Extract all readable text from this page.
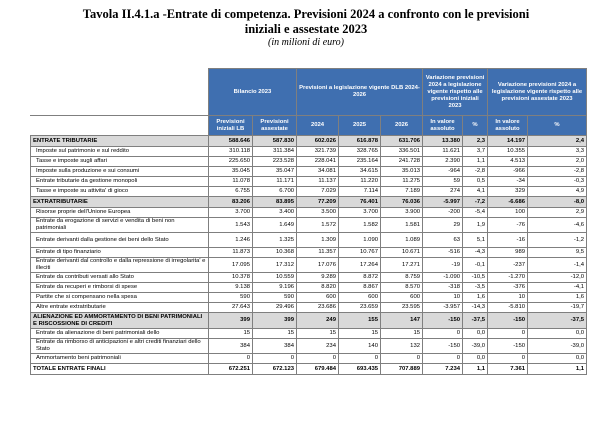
Tavola II.4.1.a -Entrate di competenza. Previsioni 2024 a confronto con le previsioni
iniziali e assestate 2023
(in milioni di euro)
	Bilancio 2023		Previsioni a legislazione vigente DLB 2024-2026			Variazione previsioni 2024 a legislazione vigente rispetto alle previsioni iniziali 2023		Variazione previsioni 2024 a legislazione vigente rispetto alle previsioni assestate 2023	
	Previsioni iniziali LB	Previsioni assestate	2024	2025	2026	In valore assoluto	%	In valore assoluto	%
ENTRATE TRIBUTARIE	588.646	587.830	602.026	616.878	631.706	13.380	2,3	14.197	2,4
Imposte sul patrimonio e sul reddito	310.118	311.384	321.739	328.765	336.501	11.621	3,7	10.355	3,3
Tasse e imposte sugli affari	225.650	223.528	228.041	235.164	241.728	2.390	1,1	4.513	2,0
Imposte sulla produzione e sui consumi	35.045	35.047	34.081	34.615	35.013	-964	-2,8	-966	-2,8
Entrate tributarie da gestione monopoli	11.078	11.171	11.137	11.220	11.275	59	0,5	-34	-0,3
Tasse e imposte su attivita' di gioco	6.755	6.700	7.029	7.114	7.189	274	4,1	329	4,9
EXTRATRIBUTARIE	83.206	83.895	77.209	76.401	76.036	-5.997	-7,2	-6.686	-8,0
Risorse proprie dell'Unione Europea	3.700	3.400	3.500	3.700	3.900	-200	-5,4	100	2,9
Entrate da erogazione di servizi e vendita di beni non patrimoniali	1.543	1.649	1.572	1.582	1.581	29	1,9	-76	-4,6
Entrate derivanti dalla gestione dei beni dello Stato	1.246	1.325	1.309	1.090	1.089	63	5,1	-16	-1,2
Entrate di tipo finanziario	11.873	10.368	11.357	10.767	10.671	-516	-4,3	989	9,5
Entrate derivanti dal controllo e dalla repressione di irregolarita' e illeciti	17.095	17.312	17.076	17.264	17.271	-19	-0,1	-237	-1,4
Entrate da contributi versati allo Stato	10.378	10.559	9.289	8.872	8.759	-1.090	-10,5	-1.270	-12,0
Entrate da recuperi e rimborsi di spese	9.138	9.196	8.820	8.867	8.570	-318	-3,5	-376	-4,1
Partite che si compensano nella spesa	590	590	600	600	600	10	1,6	10	1,6
Altre entrate extratributarie	27.643	29.496	23.686	23.659	23.595	-3.957	-14,3	-5.810	-19,7
ALIENAZIONE ED AMMORTAMENTO DI BENI PATRIMONIALI E RISCOSSIONE DI CREDITI	399	399	249	155	147	-150	-37,5	-150	-37,5
Entrate da alienazione di beni patrimoniali dello	15	15	15	15	15	0	0,0	0	0,0
Entrate da rimborso di anticipazioni e altri crediti finanziari dello Stato	384	384	234	140	132	-150	-39,0	-150	-39,0
Ammortamento beni patrimoniali	0	0	0	0	0	0	0,0	0	0,0
TOTALE ENTRATE FINALI	672.251	672.123	679.484	693.435	707.889	7.234	1,1	7.361	1,1
